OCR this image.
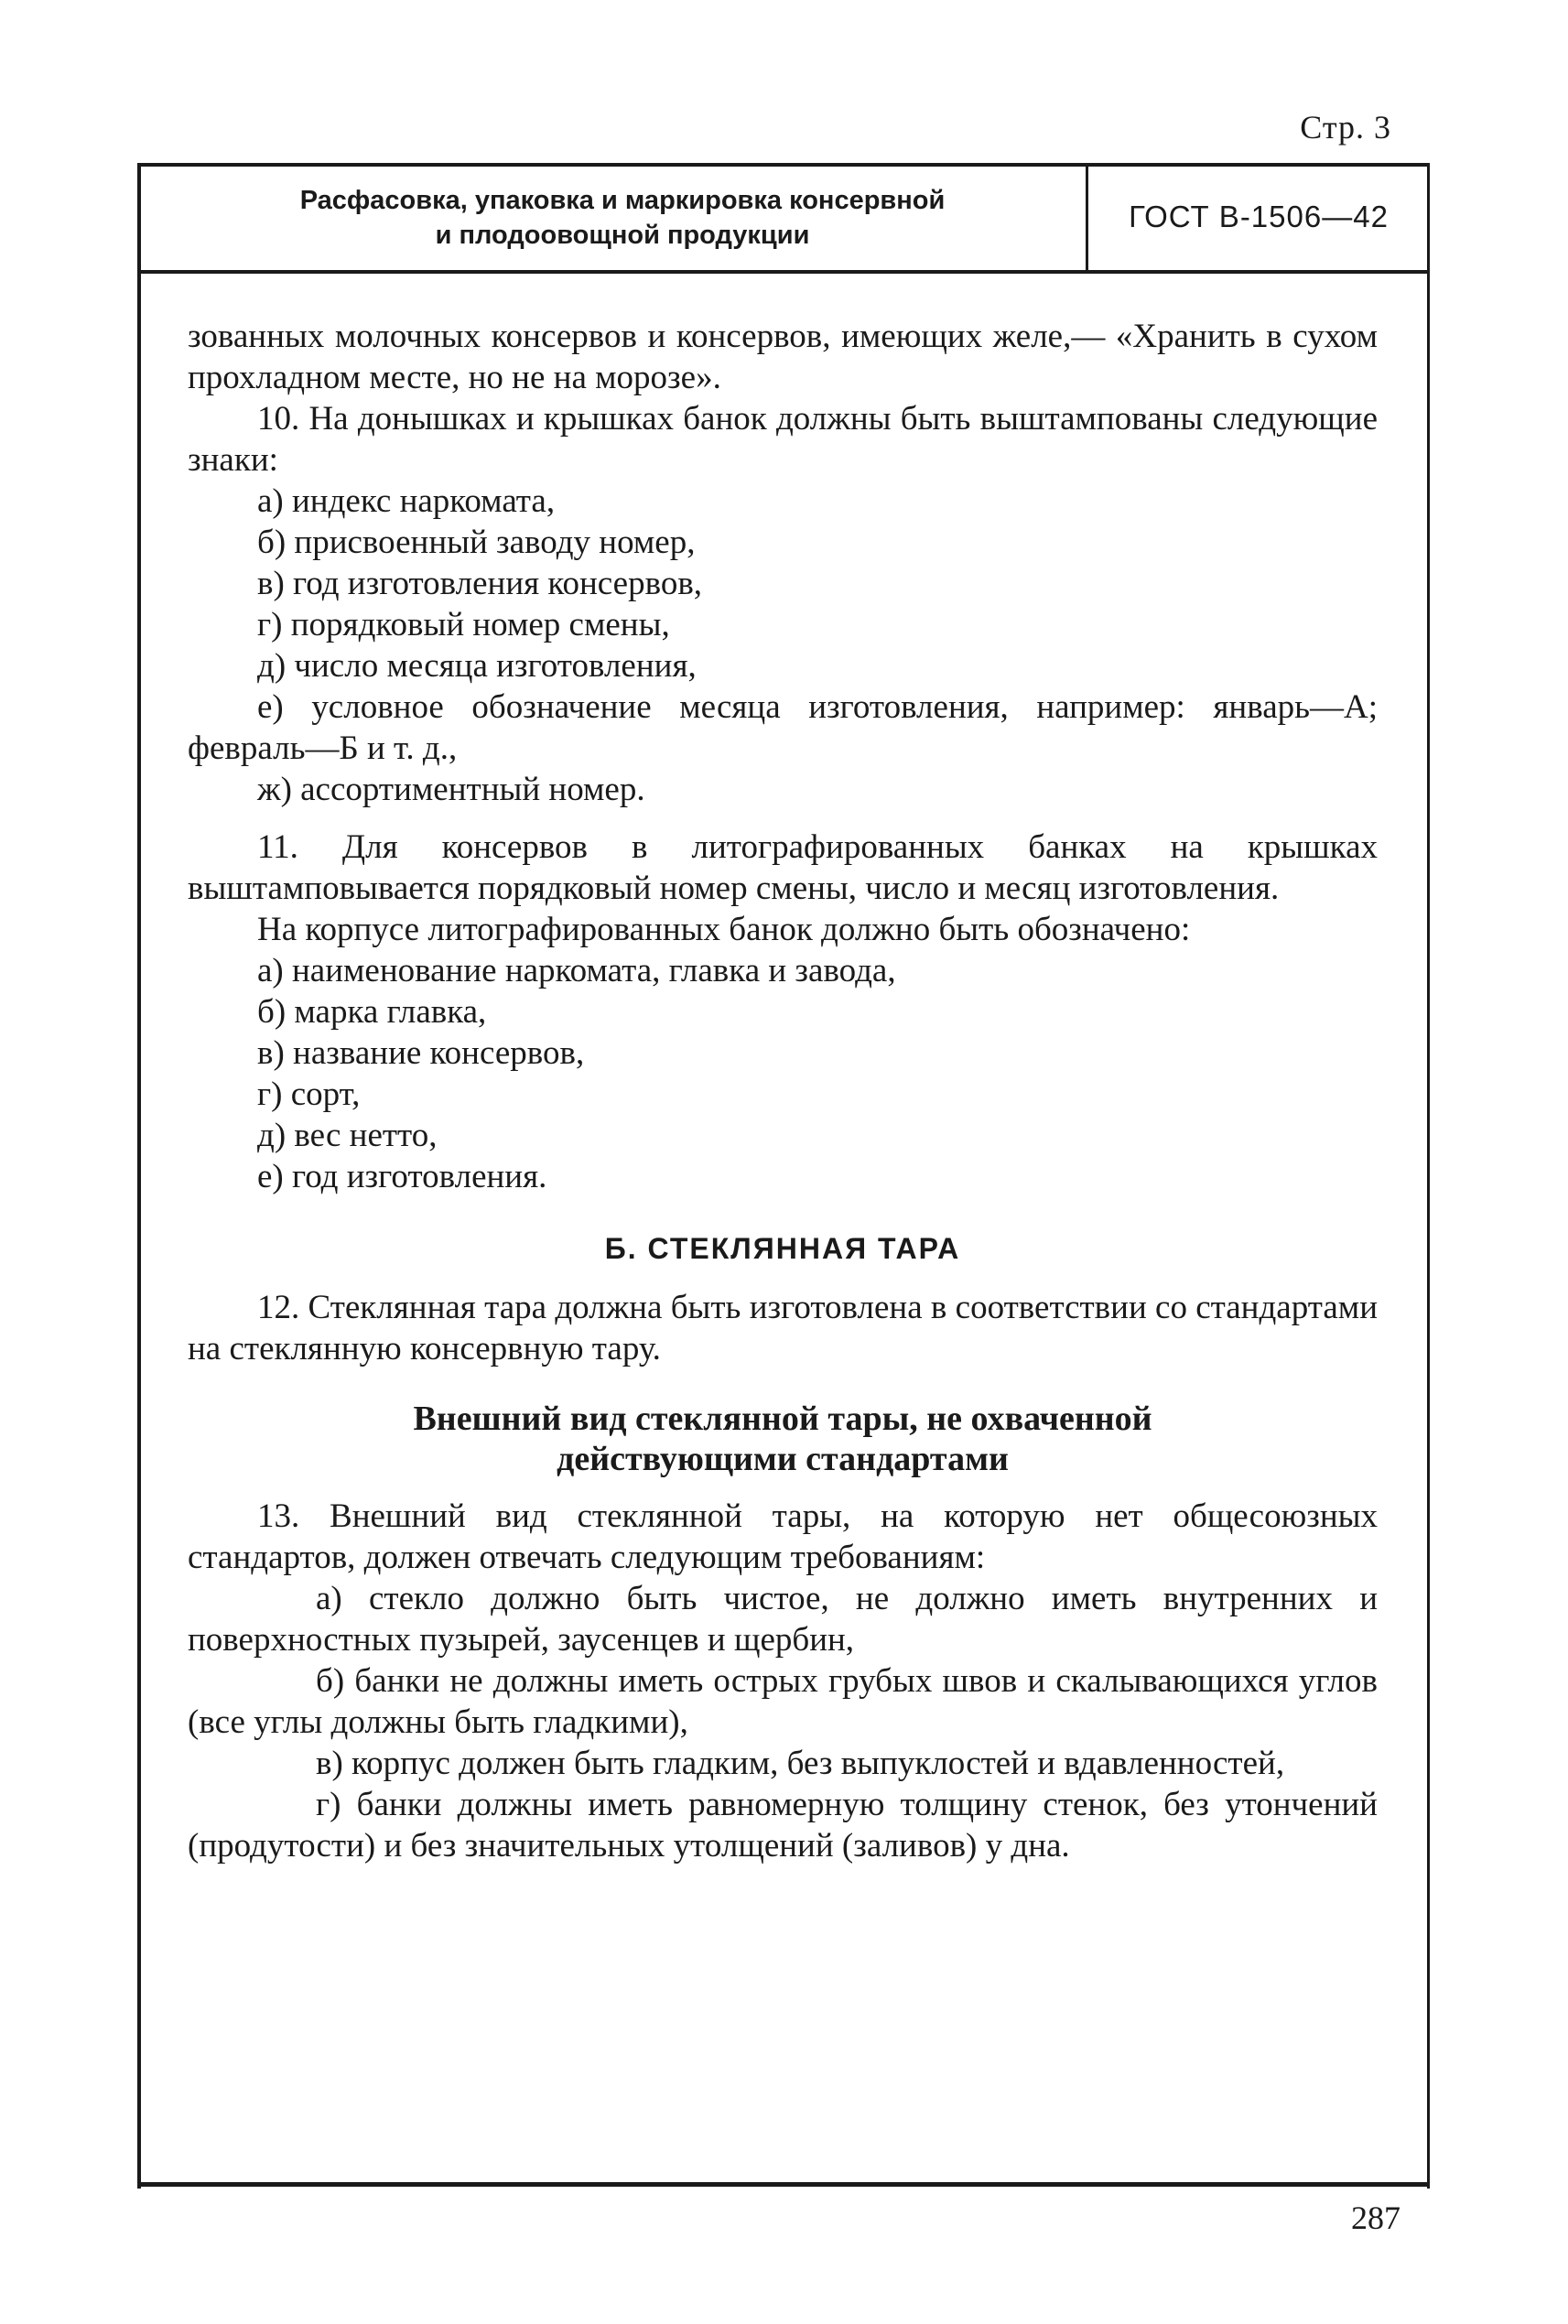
Стр. 3
Расфасовка, упаковка и маркировка консервной
и плодоовощной продукции
ГОСТ В-1506—42

зованных молочных консервов и консервов, имеющих желе,— «Хранить в сухом прохладном месте, но не на морозе».

10. На донышках и крышках банок должны быть выштампованы следующие знаки:

а) индекс наркомата,

б) присвоенный заводу номер,

в) год изготовления консервов,

г) порядковый номер смены,

д) число месяца изготовления,

е) условное обозначение месяца изготовления, например: январь—А; февраль—Б и т. д.,

ж) ассортиментный номер.

11. Для консервов в литографированных банках на крышках выштамповывается порядковый номер смены, число и месяц изготовления.

На корпусе литографированных банок должно быть обозначено:

а) наименование наркомата, главка и завода,

б) марка главка,

в) название консервов,

г) сорт,

д) вес нетто,

е) год изготовления.

Б. СТЕКЛЯННАЯ ТАРА

12. Стеклянная тара должна быть изготовлена в соответствии со стандартами на стеклянную консервную тару.

Внешний вид стеклянной тары, не охваченной

действующими стандартами

13. Внешний вид стеклянной тары, на которую нет общесоюзных стандартов, должен отвечать следующим требованиям:

а) стекло должно быть чистое, не должно иметь внутренних и поверхностных пузырей, заусенцев и щербин,

б) банки не должны иметь острых грубых швов и скалывающихся углов (все углы должны быть гладкими),

в) корпус должен быть гладким, без выпуклостей и вдавленностей,

г) банки должны иметь равномерную толщину стенок, без утончений (продутости) и без значительных утолщений (заливов) у дна.

287
